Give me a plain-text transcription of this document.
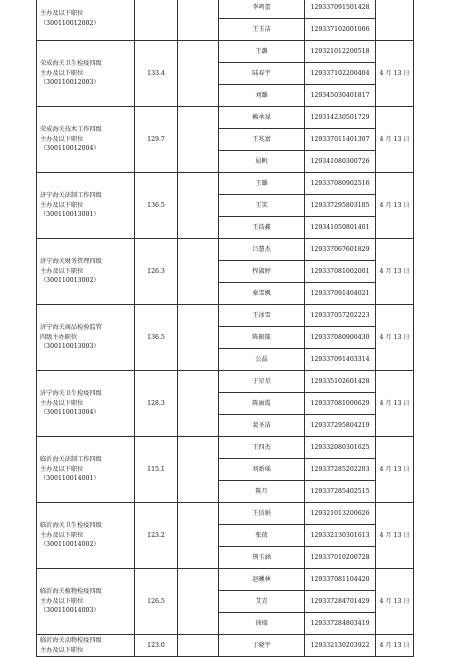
主办及以下职位
（300110012002）			李鸣蕾	129337091501428	
			王玉洁	129337102001006	

荣成海关卫生检疫四级
主办及以下职位
（300110012003）	133.4		王潞	129321012200518	4 月 13 日
			陆春宇	129337102200404	
			刘璐	129345030401817	

荣成海关技术工作四级
主办及以下职位
（300110012004）	129.7		赖承禄	129314230501729	4 月 13 日
			王兆富	129337011401307	
			屈帆	129341080300726	

济宁海关法制工作四级
主办及以下职位
（300110013001）	136.5		王璐	129337080902516	4 月 13 日
			王笑	129337295803105	
			王浩鑫	129341050801401	

济宁海关财务管理四级
主办及以下职位
（300110013002）	126.3		吕慧杰	129337067601829	4 月 13 日
			程淑婷	129337081002001	
			秦雪枫	129337091404021	

济宁海关商品检验监管
四级主办职位
（300110013003）	136.5		王冰雪	129337057202223	4 月 13 日
			陈振镭	129337080900430	
			公晶	129337091403314	

济宁海关卫生检疫四级
主办及以下职位
（300110013004）	128.3		于星星	129335102601428	4 月 13 日
			陈丽霞	129337081000629	
			裴圣洁	129337295804219	

临沂海关法制工作四级
主办及以下职位
（300110014001）	115.1		王四杰	129332080301625	4 月 13 日
			刘新瑶	129337285202203	
			陈月	129337285402515	

临沂海关卫生检疫四级
主办及以下职位
（300110014002）	123.2		王信娟	129321013200626	4 月 13 日
			张倩	129332130301613	
			荆玉涵	129337010200728	

临沂海关植物检疫四级
主办及以下职位
（300110014003）	126.5		赵曦林	129337081104420	4 月 13 日
			艾青	129337284701429	
			徐瑞	129337284803419	

临沂海关动物检疫四级
主办及以下职位	123.0		丁晓宇	129332130203922	4 月 13 日
